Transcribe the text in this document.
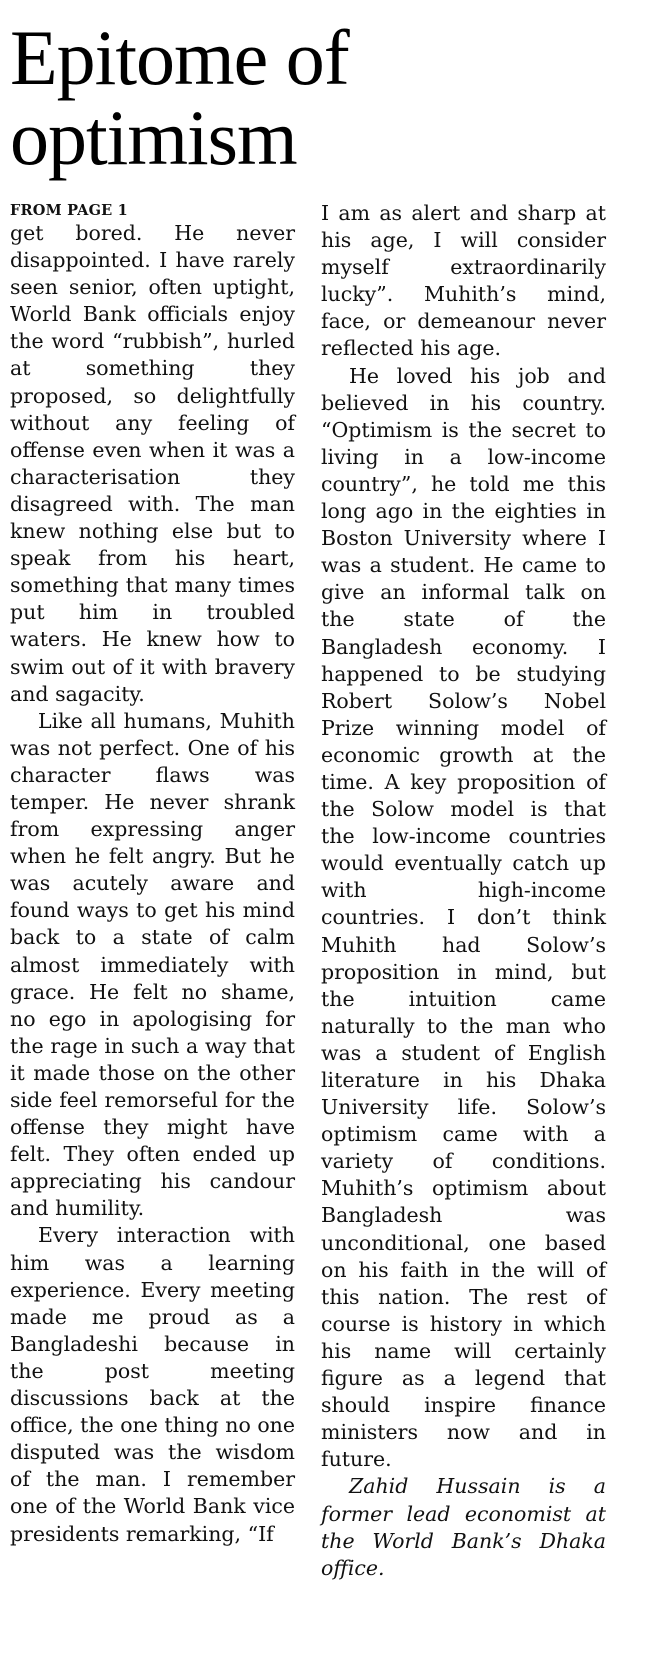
Epitome of optimism
FROM PAGE 1

get bored. He never disappointed. I have rarely seen senior, often uptight, World Bank officials enjoy the word “rubbish”, hurled at something they proposed, so delightfully without any feeling of offense even when it was a characterisation they disagreed with. The man knew nothing else but to speak from his heart, something that many times put him in troubled waters. He knew how to swim out of it with bravery and sagacity.

Like all humans, Muhith was not perfect. One of his character flaws was temper. He never shrank from expressing anger when he felt angry. But he was acutely aware and found ways to get his mind back to a state of calm almost immediately with grace. He felt no shame, no ego in apologising for the rage in such a way that it made those on the other side feel remorseful for the offense they might have felt. They often ended up appreciating his candour and humility.

Every interaction with him was a learning experience. Every meeting made me proud as a Bangladeshi because in the post meeting discussions back at the office, the one thing no one disputed was the wisdom of the man. I remember one of the World Bank vice presidents remarking, “If

I am as alert and sharp at his age, I will consider myself extraordinarily lucky”. Muhith’s mind, face, or demeanour never reflected his age.

He loved his job and believed in his country. “Optimism is the secret to living in a low-income country”, he told me this long ago in the eighties in Boston University where I was a student. He came to give an informal talk on the state of the Bangladesh economy. I happened to be studying Robert Solow’s Nobel Prize winning model of economic growth at the time. A key proposition of the Solow model is that the low-income countries would eventually catch up with high-income countries. I don’t think Muhith had Solow’s proposition in mind, but the intuition came naturally to the man who was a student of English literature in his Dhaka University life. Solow’s optimism came with a variety of conditions. Muhith’s optimism about Bangladesh was unconditional, one based on his faith in the will of this nation. The rest of course is history in which his name will certainly figure as a legend that should inspire finance ministers now and in future.

Zahid Hussain is a former lead economist at the World Bank’s Dhaka office.
